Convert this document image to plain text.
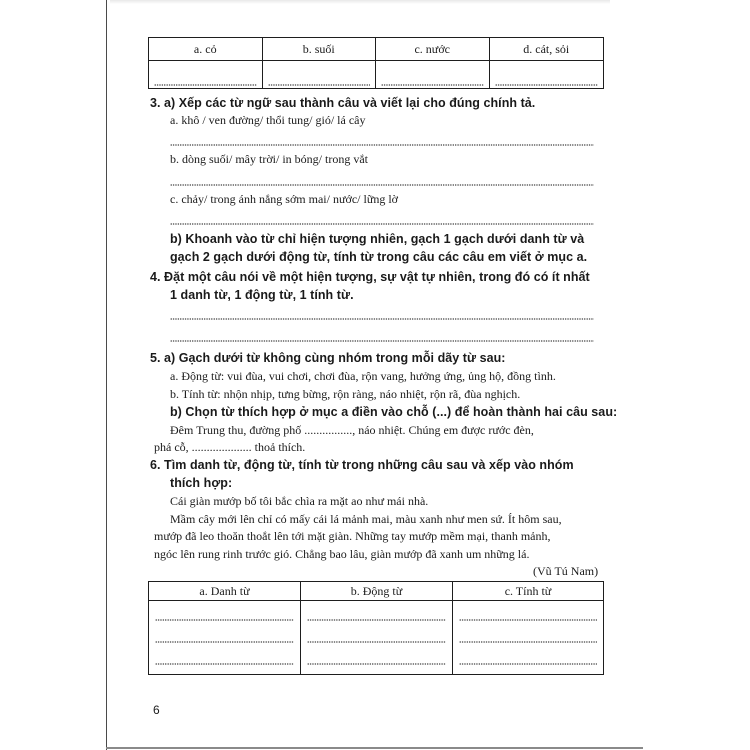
a. cỏ	b. suối	c. nước	d. cát, sỏi
3. a) Xếp các từ ngữ sau thành câu và viết lại cho đúng chính tả.
a. khô / ven đường/ thổi tung/ gió/ lá cây
b. dòng suối/ mây trời/ in bóng/ trong vắt
c. chảy/ trong ánh nắng sớm mai/ nước/ lững lờ
b) Khoanh vào từ chỉ hiện tượng nhiên, gạch 1 gạch dưới danh từ và
gạch 2 gạch dưới động từ, tính từ trong câu các câu em viết ở mục a.
4. Đặt một câu nói về một hiện tượng, sự vật tự nhiên, trong đó có ít nhất
1 danh từ, 1 động từ, 1 tính từ.
5. a) Gạch dưới từ không cùng nhóm trong mỗi dãy từ sau:
a. Động từ: vui đùa, vui chơi, chơi đùa, rộn vang, hưởng ứng, ủng hộ, đồng tình.
b. Tính từ: nhộn nhịp, tưng bừng, rộn ràng, náo nhiệt, rộn rã, đùa nghịch.
b) Chọn từ thích hợp ở mục a điền vào chỗ (...) để hoàn thành hai câu sau:
Đêm Trung thu, đường phố ................, náo nhiệt. Chúng em được rước đèn,
phá cỗ, .................... thoả thích.
6. Tìm danh từ, động từ, tính từ trong những câu sau và xếp vào nhóm
thích hợp:
Cái giàn mướp bố tôi bắc chìa ra mặt ao như mái nhà.
Mầm cây mới lên chỉ có mấy cái lá mảnh mai, màu xanh như men sứ. Ít hôm sau,
mướp đã leo thoăn thoắt lên tới mặt giàn. Những tay mướp mềm mại, thanh mảnh,
ngóc lên rung rinh trước gió. Chẳng bao lâu, giàn mướp đã xanh um những lá.
(Vũ Tú Nam)
a. Danh từ	b. Động từ	c. Tính từ
6
